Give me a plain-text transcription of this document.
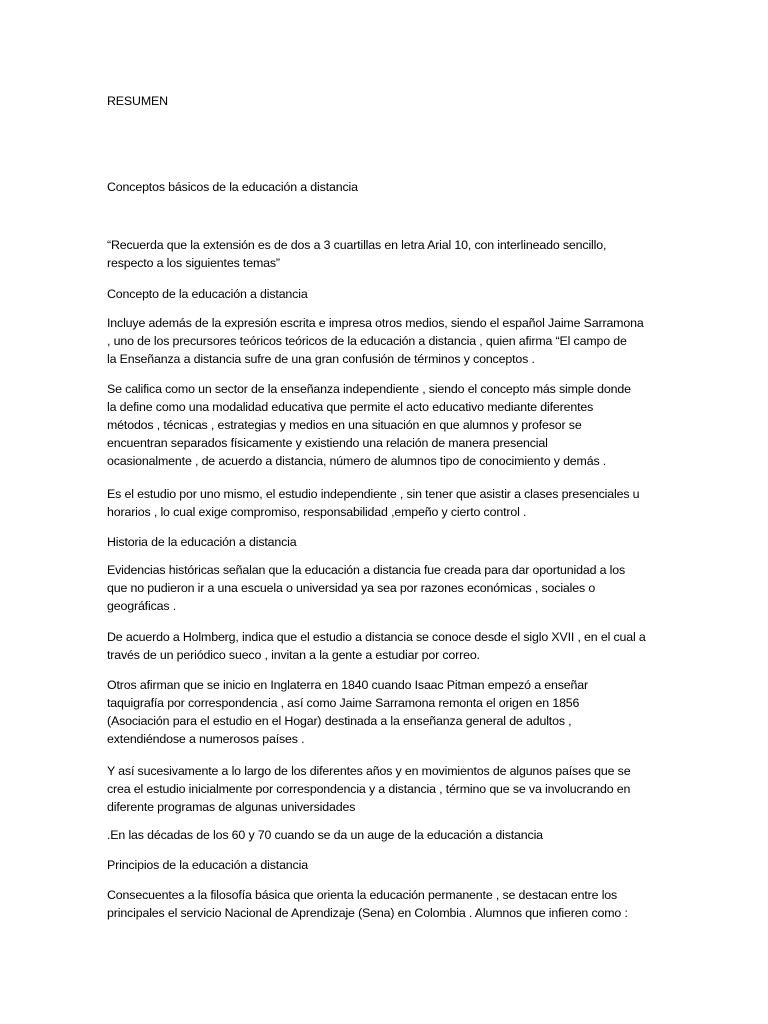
RESUMEN
Conceptos básicos de la educación a distancia
“Recuerda que la extensión es de dos a 3 cuartillas en letra Arial 10, con interlineado sencillo,
respecto a los siguientes temas”
Concepto de la educación a distancia
Incluye además de la expresión escrita e impresa otros medios, siendo el español Jaime Sarramona
, uno de los precursores teóricos teóricos de la educación a distancia , quien afirma “El campo de
la Enseñanza a distancia sufre de una gran confusión de términos y conceptos .
Se califica como un sector de la enseñanza independiente , siendo el concepto más simple donde
la define como una modalidad educativa que permite el acto educativo mediante diferentes
métodos , técnicas , estrategias y medios en una situación en que alumnos y profesor se
encuentran separados físicamente y existiendo una relación de manera presencial
ocasionalmente , de acuerdo a distancia, número de alumnos tipo de conocimiento y demás .
Es el estudio por uno mismo, el estudio independiente , sin tener que asistir a clases presenciales u
horarios , lo cual exige compromiso, responsabilidad ,empeño y cierto control .
Historia de la educación a distancia
Evidencias históricas señalan que la educación a distancia fue creada para dar oportunidad a los
que no pudieron ir a una escuela o universidad ya sea por razones económicas , sociales o
geográficas .
De acuerdo a Holmberg, indica que el estudio a distancia se conoce desde el siglo XVII , en el cual a
través de un periódico sueco , invitan a la gente a estudiar por correo.
Otros afirman que se inicio en Inglaterra en 1840 cuando Isaac Pitman empezó a enseñar
taquigrafía por correspondencia , así como Jaime Sarramona remonta el origen en 1856
(Asociación para el estudio en el Hogar) destinada a la enseñanza general de adultos ,
extendiéndose a numerosos países .
Y así sucesivamente a lo largo de los diferentes años y en movimientos de algunos países que se
crea el estudio inicialmente por correspondencia y a distancia , término que se va involucrando en
diferente programas de algunas universidades
.En las décadas de los 60 y 70 cuando se da un auge de la educación a distancia
Principios de la educación a distancia
Consecuentes a la filosofía básica que orienta la educación permanente , se destacan entre los
principales el servicio Nacional de Aprendizaje (Sena) en Colombia . Alumnos que infieren como :
